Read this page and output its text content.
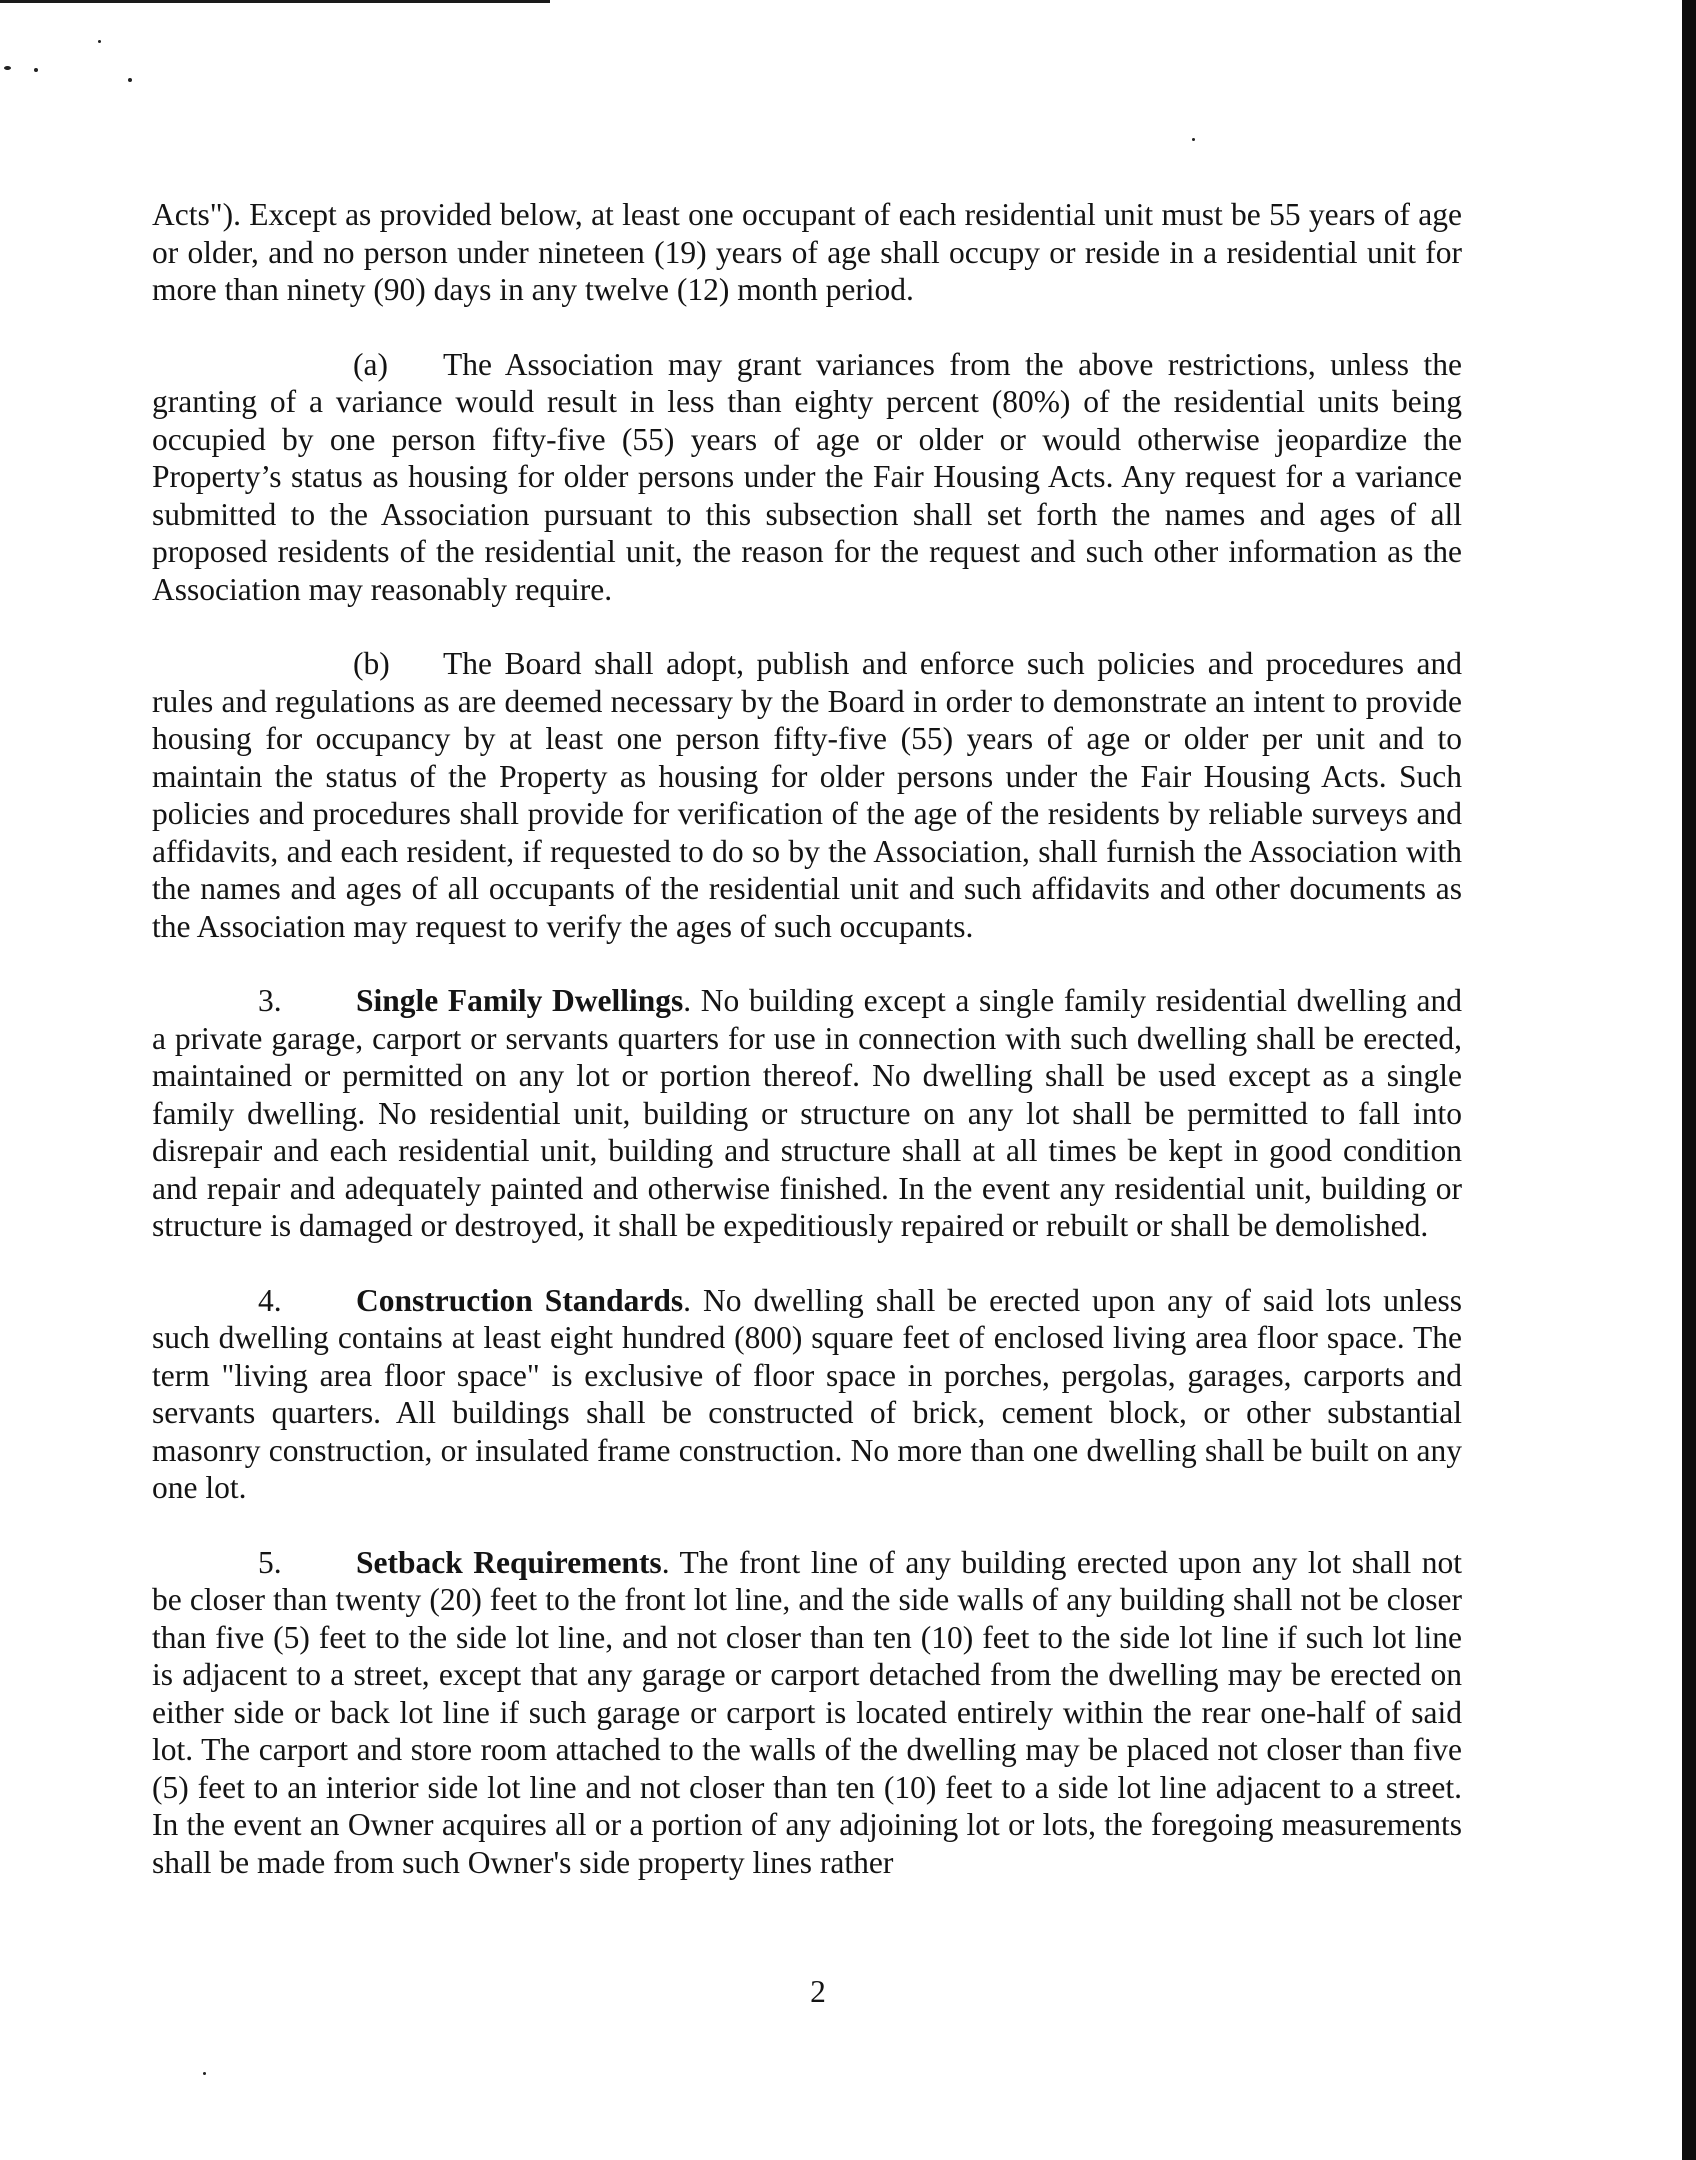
Acts"). Except as provided below, at least one occupant of each residential unit must be 55 years of age or older, and no person under nineteen (19) years of age shall occupy or reside in a residential unit for more than ninety (90) days in any twelve (12) month period.

(a) The Association may grant variances from the above restrictions, unless the granting of a variance would result in less than eighty percent (80%) of the residential units being occupied by one person fifty-five (55) years of age or older or would otherwise jeopardize the Property’s status as housing for older persons under the Fair Housing Acts. Any request for a variance submitted to the Association pursuant to this subsection shall set forth the names and ages of all proposed residents of the residential unit, the reason for the request and such other information as the Association may reasonably require.

(b) The Board shall adopt, publish and enforce such policies and procedures and rules and regulations as are deemed necessary by the Board in order to demonstrate an intent to provide housing for occupancy by at least one person fifty-five (55) years of age or older per unit and to maintain the status of the Property as housing for older persons under the Fair Housing Acts. Such policies and procedures shall provide for verification of the age of the residents by reliable surveys and affidavits, and each resident, if requested to do so by the Association, shall furnish the Association with the names and ages of all occupants of the residential unit and such affidavits and other documents as the Association may request to verify the ages of such occupants.

3. Single Family Dwellings. No building except a single family residential dwelling and a private garage, carport or servants quarters for use in connection with such dwelling shall be erected, maintained or permitted on any lot or portion thereof. No dwelling shall be used except as a single family dwelling. No residential unit, building or structure on any lot shall be permitted to fall into disrepair and each residential unit, building and structure shall at all times be kept in good condition and repair and adequately painted and otherwise finished. In the event any residential unit, building or structure is damaged or destroyed, it shall be expeditiously repaired or rebuilt or shall be demolished.

4. Construction Standards. No dwelling shall be erected upon any of said lots unless such dwelling contains at least eight hundred (800) square feet of enclosed living area floor space. The term "living area floor space" is exclusive of floor space in porches, pergolas, garages, carports and servants quarters. All buildings shall be constructed of brick, cement block, or other substantial masonry construction, or insulated frame construction. No more than one dwelling shall be built on any one lot.

5. Setback Requirements. The front line of any building erected upon any lot shall not be closer than twenty (20) feet to the front lot line, and the side walls of any building shall not be closer than five (5) feet to the side lot line, and not closer than ten (10) feet to the side lot line if such lot line is adjacent to a street, except that any garage or carport detached from the dwelling may be erected on either side or back lot line if such garage or carport is located entirely within the rear one-half of said lot. The carport and store room attached to the walls of the dwelling may be placed not closer than five (5) feet to an interior side lot line and not closer than ten (10) feet to a side lot line adjacent to a street. In the event an Owner acquires all or a portion of any adjoining lot or lots, the foregoing measurements shall be made from such Owner's side property lines rather

2
